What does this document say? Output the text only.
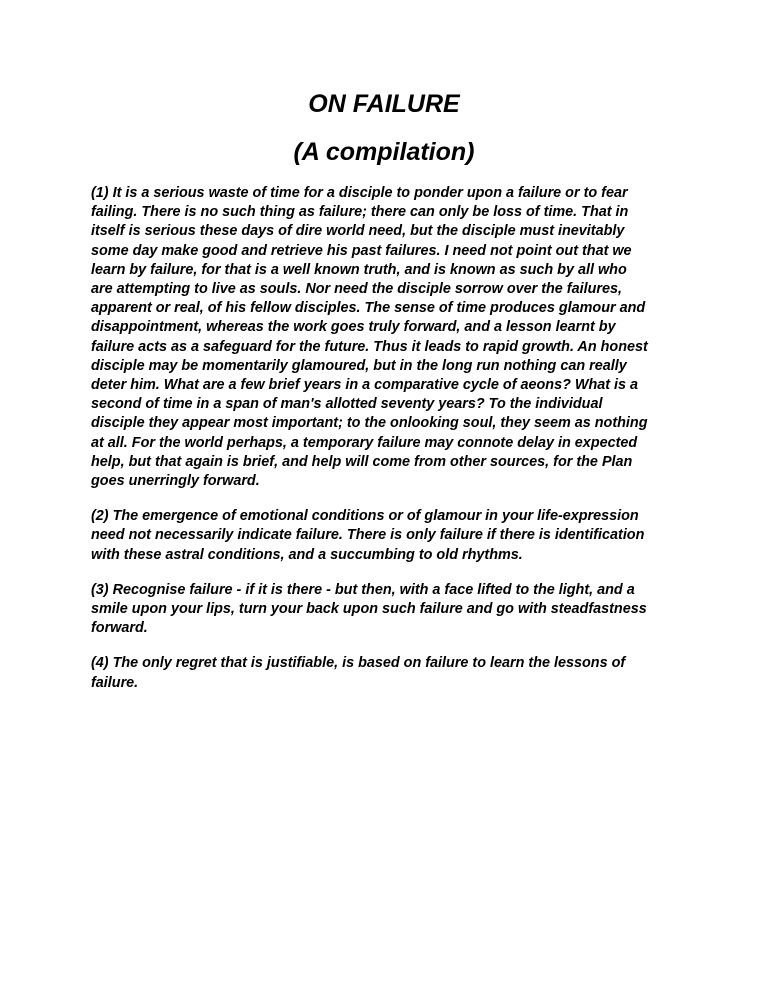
ON FAILURE
(A compilation)

(1) It is a serious waste of time for a disciple to ponder upon a failure or to fear
failing. There is no such thing as failure; there can only be loss of time. That in
itself is serious these days of dire world need, but the disciple must inevitably
some day make good and retrieve his past failures. I need not point out that we
learn by failure, for that is a well known truth, and is known as such by all who
are attempting to live as souls. Nor need the disciple sorrow over the failures,
apparent or real, of his fellow disciples. The sense of time produces glamour and
disappointment, whereas the work goes truly forward, and a lesson learnt by
failure acts as a safeguard for the future. Thus it leads to rapid growth. An honest
disciple may be momentarily glamoured, but in the long run nothing can really
deter him. What are a few brief years in a comparative cycle of aeons? What is a
second of time in a span of man's allotted seventy years? To the individual
disciple they appear most important; to the onlooking soul, they seem as nothing
at all. For the world perhaps, a temporary failure may connote delay in expected
help, but that again is brief, and help will come from other sources, for the Plan
goes unerringly forward.

(2) The emergence of emotional conditions or of glamour in your life-expression
need not necessarily indicate failure. There is only failure if there is identification
with these astral conditions, and a succumbing to old rhythms.

(3) Recognise failure - if it is there - but then, with a face lifted to the light, and a
smile upon your lips, turn your back upon such failure and go with steadfastness
forward.

(4) The only regret that is justifiable, is based on failure to learn the lessons of
failure.
